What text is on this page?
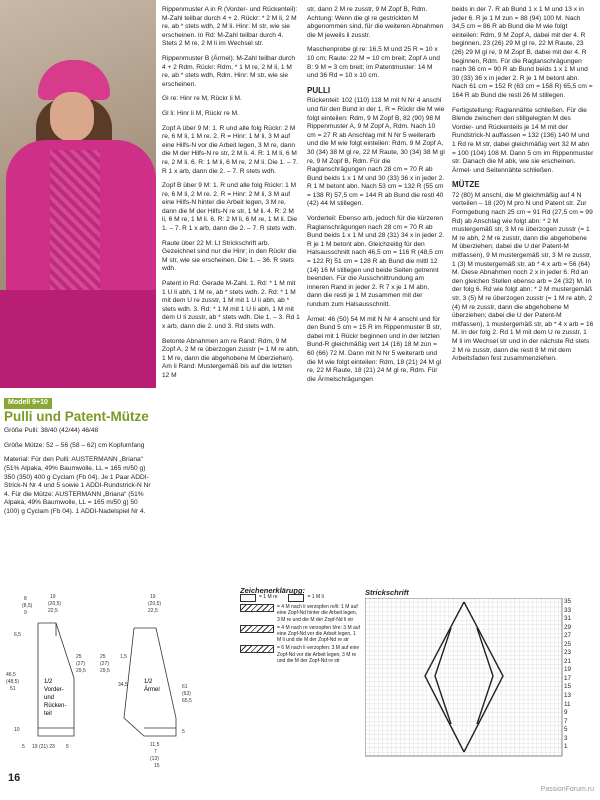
Modell 9+10
Pulli und Patent-Mütze

Größe Pulli: 38/40 (42/44) 46/48

Größe Mütze: 52 – 56 (58 – 62) cm Kopfumfang

Material: Für den Pulli: AUSTERMANN „Briana“ (51% Alpaka, 49% Baumwolle, LL = 165 m/50 g) 350 (350) 400 g Cyclam (Fb 04). Je 1 Paar ADDI-Strick-N Nr 4 und 5 sowie 1 ADDI-Rundstrick-N Nr 4. Für die Mütze: AUSTERMANN „Briana“ (51% Alpaka, 49% Baumwolle, LL = 165 m/50 g) 50 (100) g Cyclam (Fb 04). 1 ADDI-Nadelspiel Nr 4.

Rippenmuster A in R (Vorder- und Rückenteil): M-Zahl teilbar durch 4 + 2. Rückr: * 2 M li, 2 M re, ab * stets wdh, 2 M li. Hinr: M str, wie sie erscheinen. In Rd: M-Zahl teilbar durch 4. Stets 2 M re, 2 M li im Wechsel str.

Rippenmuster B (Ärmel): M-Zahl teilbar durch 4 + 2 Rdm. Rückr: Rdm, * 1 M re, 2 M li, 1 M re, ab * stets wdh, Rdm. Hinr: M str, wie sie erscheinen.

Gl re: Hinr re M, Rückr li M.

Gl li: Hinr li M, Rückr re M.

Zopf A über 9 M: 1. R und alle folg Rückr: 2 M re, 6 M li, 1 M re. 2. R = Hinr: 1 M li, 3 M auf eine Hilfs-N vor die Arbeit legen, 3 M re, dann die M der Hilfs-N re str, 2 M li. 4. R: 1 M li, 6 M re, 2 M li. 6. R: 1 M li, 6 M re, 2 M li. Die 1. – 7. R 1 x arb, dann die 2. – 7. R stets wdh.

Zopf B über 9 M: 1. R und alle folg Rückr: 1 M re, 6 M li, 2 M re. 2. R = Hinr: 2 M li, 3 M auf eine Hilfs-N hinter die Arbeit legen, 3 M re, dann die M der Hilfs-N re str, 1 M li. 4. R: 2 M li, 6 M re, 1 M li. 6. R: 2 M li, 6 M re, 1 M li. Die 1. – 7. R 1 x arb, dann die 2. – 7. R stets wdh.

Raute über 22 M: Lt Strickschrift arb. Gezeichnet sind nur die Hinr; in den Rückr die M str, wie sie erscheinen. Die 1. – 36. R stets wdh.

Patent in Rd: Gerade M-Zahl. 1. Rd: * 1 M mit 1 U li abh, 1 M re, ab * stets wdh. 2. Rd: * 1 M mit dem U re zusstr, 1 M mit 1 U li abh, ab * stets wdh. 3. Rd: * 1 M mit 1 U li abh, 1 M mit dem U li zusstr, ab * stets wdh. Die 1. – 3. Rd 1 x arb, dann die 2. und 3. Rd stets wdh.

Betonte Abnahmen am re Rand: Rdm, 9 M Zopf A, 2 M re überzogen zusstr (= 1 M re abh, 1 M re, dann die abgehobene M überziehen). Am li Rand: Mustergemäß bis auf die letzten 12 M

str, dann 2 M re zusstr, 9 M Zopf B, Rdm. Achtung: Wenn die gl re gestrickten M abgenommen sind, für die weiteren Abnahmen die M jeweils li zusstr.

Maschenprobe gl re: 16,5 M und 25 R = 10 x 10 cm; Raute: 22 M = 10 cm breit; Zopf A und B: 9 M = 3 cm breit; im Patentmuster: 14 M und 36 Rd = 10 x 10 cm.

PULLI

Rückenteil: 102 (110) 118 M mit N Nr 4 anschl und für den Bund in der 1. R = Rückr die M wie folgt einteilen: Rdm, 9 M Zopf B, 82 (90) 98 M Rippenmuster A, 9 M Zopf A, Rdm. Nach 10 cm = 27 R ab Anschlag mit N Nr 5 weiterarb und die M wie folgt einteilen: Rdm, 9 M Zopf A, 30 (34) 38 M gl re, 22 M Raute, 30 (34) 38 M gl re, 9 M Zopf B, Rdm. Für die Raglanschrägungen nach 28 cm = 70 R ab Bund beids 1 x 1 M und 30 (33) 36 x in jeder 2. R 1 M betont abn. Nach 53 cm = 132 R (55 cm = 138 R) 57,5 cm = 144 R ab Bund die restl 40 (42) 44 M stillegen.

Vorderteil: Ebenso arb, jedoch für die kürzeren Raglanschrägungen nach 28 cm = 70 R ab Bund beids 1 x 1 M und 28 (31) 34 x in jeder 2. R je 1 M betont abn. Gleichzeitig für den Halsausschnitt nach 46,5 cm = 116 R (48,5 cm = 122 R) 51 cm = 128 R ab Bund die mittl 12 (14) 16 M stillegen und beide Seiten getrennt beenden. Für die Ausschnittrundung am inneren Rand in jeder 2. R 7 x je 1 M abn, dann die restl je 1 M zusammen mit der rundum zum Halsausschnitt.

Ärmel: 46 (50) 54 M mit N Nr 4 anschl und für den Bund 5 cm = 15 R im Rippenmuster B str, dabei mit 1 Rückr beginnen und in der letzten Bund-R gleichmäßig vert 14 (16) 18 M zun = 60 (66) 72 M. Dann mit N Nr 5 weiterarb und die M wie folgt einteilen: Rdm, 18 (21) 24 M gl re, 22 M Raute, 18 (21) 24 M gl re, Rdm. Für die Ärmelschrägungen

beids in der 7. R ab Bund 1 x 1 M und 13 x in jeder 6. R je 1 M zun = 88 (94) 100 M. Nach 34,5 cm = 86 R ab Bund die M wie folgt einteilen: Rdm, 9 M Zopf A, dabei mit der 4. R beginnen, 23 (26) 29 M gl re, 22 M Raute, 23 (26) 29 M gl re, 9 M Zopf B, dabei mit der 4. R beginnen, Rdm. Für die Raglanschrägungen nach 36 cm = 90 R ab Bund beids 1 x 1 M und 30 (33) 36 x in jeder 2. R je 1 M betont abn. Nach 61 cm = 152 R (63 cm = 158 R) 65,5 cm = 164 R ab Bund die restl 26 M stillegen.

Fertigstellung: Raglannähte schließen. Für die Blende zwischen den stillgelegten M des Vorder- und Rückenteils je 14 M mit der Rundstrick-N auffassen = 132 (136) 140 M und 1 Rd re M str, dabei gleichmäßig vert 32 M abn = 100 (104) 108 M. Dann 5 cm im Rippenmuster str. Danach die M abk, wie sie erscheinen. Ärmel- und Seitennähte schließen.

MÜTZE

72 (80) M anschl, die M gleichmäßig auf 4 N verteilen – 18 (20) M pro N und Patent str. Zur Formgebung nach 25 cm = 91 Rd (27,5 cm = 99 Rd) ab Anschlag wie folgt abn: * 2 M mustergemäß str, 3 M re überzogen zusstr (= 1 M re abh, 2 M re zusstr, dann die abgehobene M überziehen; dabei die U der Patent-M mitfassen), 9 M mustergemäß str, 3 M re zusstr, 1 (3) M mustergemäß str, ab * 4 x arb = 56 (64) M. Diese Abnahmen noch 2 x in jeder 6. Rd an den gleichen Stellen ebenso arb = 24 (32) M. In der folg 6. Rd wie folgt abn: * 2 M mustergemäß str, 3 (5) M re überzogen zusstr (= 1 M re abh, 2 (4) M re zusstr, dann die abgehobene M überziehen; dabei die U der Patent-M mitfassen), 1 mustergemäß str, ab * 4 x arb = 16 M. In der folg 2. Rd 1 M mit dem U re zusstr, 1 M li im Wechsel str und in der nächste Rd stets 2 M re zusstr, dann die restl 8 M mit dem Arbeitsfaden fest zusammenziehen.

1/2
Vorder-
und
Rücken-
teil
1/2
Ärmel
8
(8,5)
9
19
(20,5)
22,5
6,5
46,5
(48,5)
51
10
25
(27)
29,5
25
(27)
29,5
5 19 (21) 23 5
19
(20,5)
22,5
1,5
34,5	61
(63)
65,5
5
11,5
7
(13)
15
Zeichenerklärung:
= 1 M re
•	= 1 M li
= 4 M nach li verzopfen re/li: 1 M auf eine Zopf-Nd hinter die Arbeit legen, 3 M re und die M der Zopf-Nd li str
= 4 M nach re verzopfen li/re: 3 M auf eine Zopf-Nd vor die Arbeit legen, 1 M li und die M der Zopf-Nd re str
= 6 M nach li verzopfen: 3 M auf eine Zopf-Nd vor die Arbeit legen, 3 M re und die M der Zopf-Nd re str
Strickschrift
35
33
31
29
27
25
23
21
19
17
15
13
11
9
7
5
3
1
16
PassionForum.ru
